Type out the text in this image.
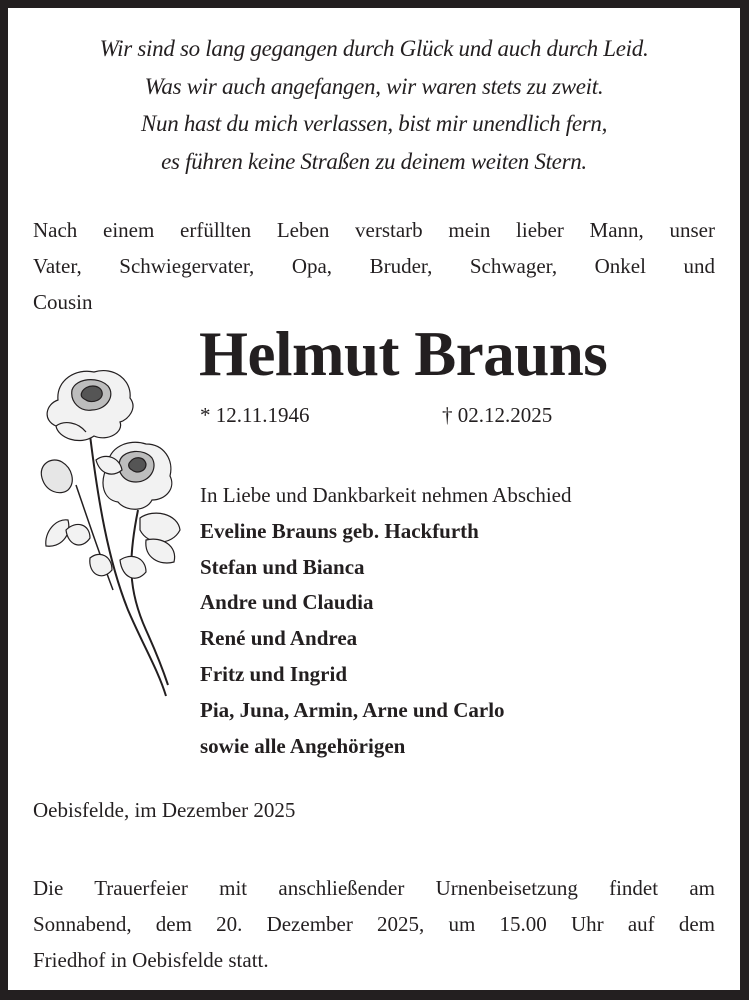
Wir sind so lang gegangen durch Glück und auch durch Leid.
Was wir auch angefangen, wir waren stets zu zweit.
Nun hast du mich verlassen, bist mir unendlich fern,
es führen keine Straßen zu deinem weiten Stern.
Nach einem erfüllten Leben verstarb mein lieber Mann, unser
Vater, Schwiegervater, Opa, Bruder, Schwager, Onkel und
Cousin
Helmut Brauns
* 12.11.1946	† 02.12.2025
In Liebe und Dankbarkeit nehmen Abschied
Eveline Brauns geb. Hackfurth
Stefan und Bianca
Andre und Claudia
René und Andrea
Fritz und Ingrid
Pia, Juna, Armin, Arne und Carlo
sowie alle Angehörigen
Oebisfelde, im Dezember 2025
Die Trauerfeier mit anschließender Urnenbeisetzung findet am
Sonnabend, dem 20. Dezember 2025, um 15.00 Uhr auf dem
Friedhof in Oebisfelde statt.
